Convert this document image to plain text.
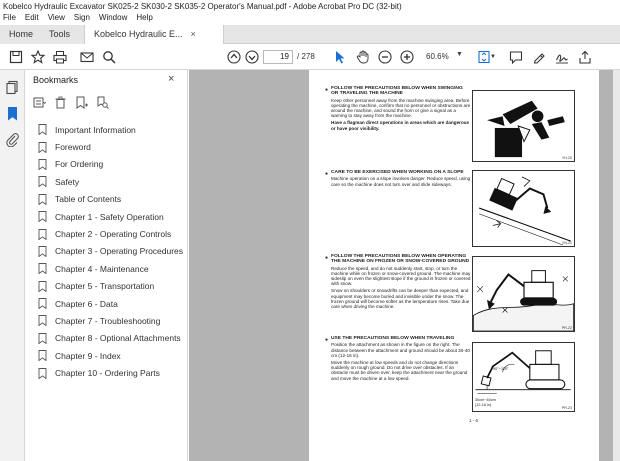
Kobelco Hydraulic Excavator SK025-2 SK030-2 SK035-2 Operator's Manual.pdf - Adobe Acrobat Pro DC (32-bit)
File Edit View Sign Window Help
Home	Tools	Kobelco Hydraulic E... ×
19	/ 278	60.6% ▼	▼
Bookmarks	×
Important Information
Foreword
For Ordering
Safety
Table of Contents
Chapter 1 - Safety Operation
Chapter 2 - Operating Controls
Chapter 3 - Operating Procedures
Chapter 4 - Maintenance
Chapter 5 - Transportation
Chapter 6 - Data
Chapter 7 - Troubleshooting
Chapter 8 - Optional Attachments
Chapter 9 - Index
Chapter 10 - Ordering Parts
FOLLOW THE PRECAUTIONS BELOW WHEN SWINGING OR TRAVELING THE MACHINE

Keep other personnel away from the machine swinging area. Before operating the machine, confirm that no personnel or obstructions are around the machine, and sound the horn or give a signal as a warning to stay away from the machine.

Have a flagman direct operations in areas which are dangerous or have poor visibility.

YH-20
CARE TO BE EXERCISED WHEN WORKING ON A SLOPE

Machine operation on a slope involves danger. Reduce speed, using care so the machine does not turn over and slide sideways.

YN-21
FOLLOW THE PRECAUTIONS BELOW WHEN OPERATING THE MACHINE ON FROZEN OR SNOW-COVERED GROUND

Reduce the speed, and do not suddenly start, stop, or turn the machine while on frozen or snow-covered ground. The machine may sideslip on even the slightest slope if the ground is frozen or covered with snow.

Snow on shoulders or snowdrifts can be deeper than expected, and equipment may become buried and invisible under the snow. The frozen ground will become softer as the temperature rises. Take due care when driving the machine.

PR-22
USE THE PRECAUTIONS BELOW WHEN TRAVELING

Position the attachment as shown in the figure on the right. The distance between the attachment and ground should be about 30-40 cm (12-16 in).

Move the machine at low speeds and do not change directions suddenly on rough ground. Do not drive over obstacles. If an obstacle must be driven over, keep the attachment near the ground and move the machine at a low speed.

90°~110°
30cm~40cm
(12-16 in)
PR-23
●
●
●
●
1 - 6
